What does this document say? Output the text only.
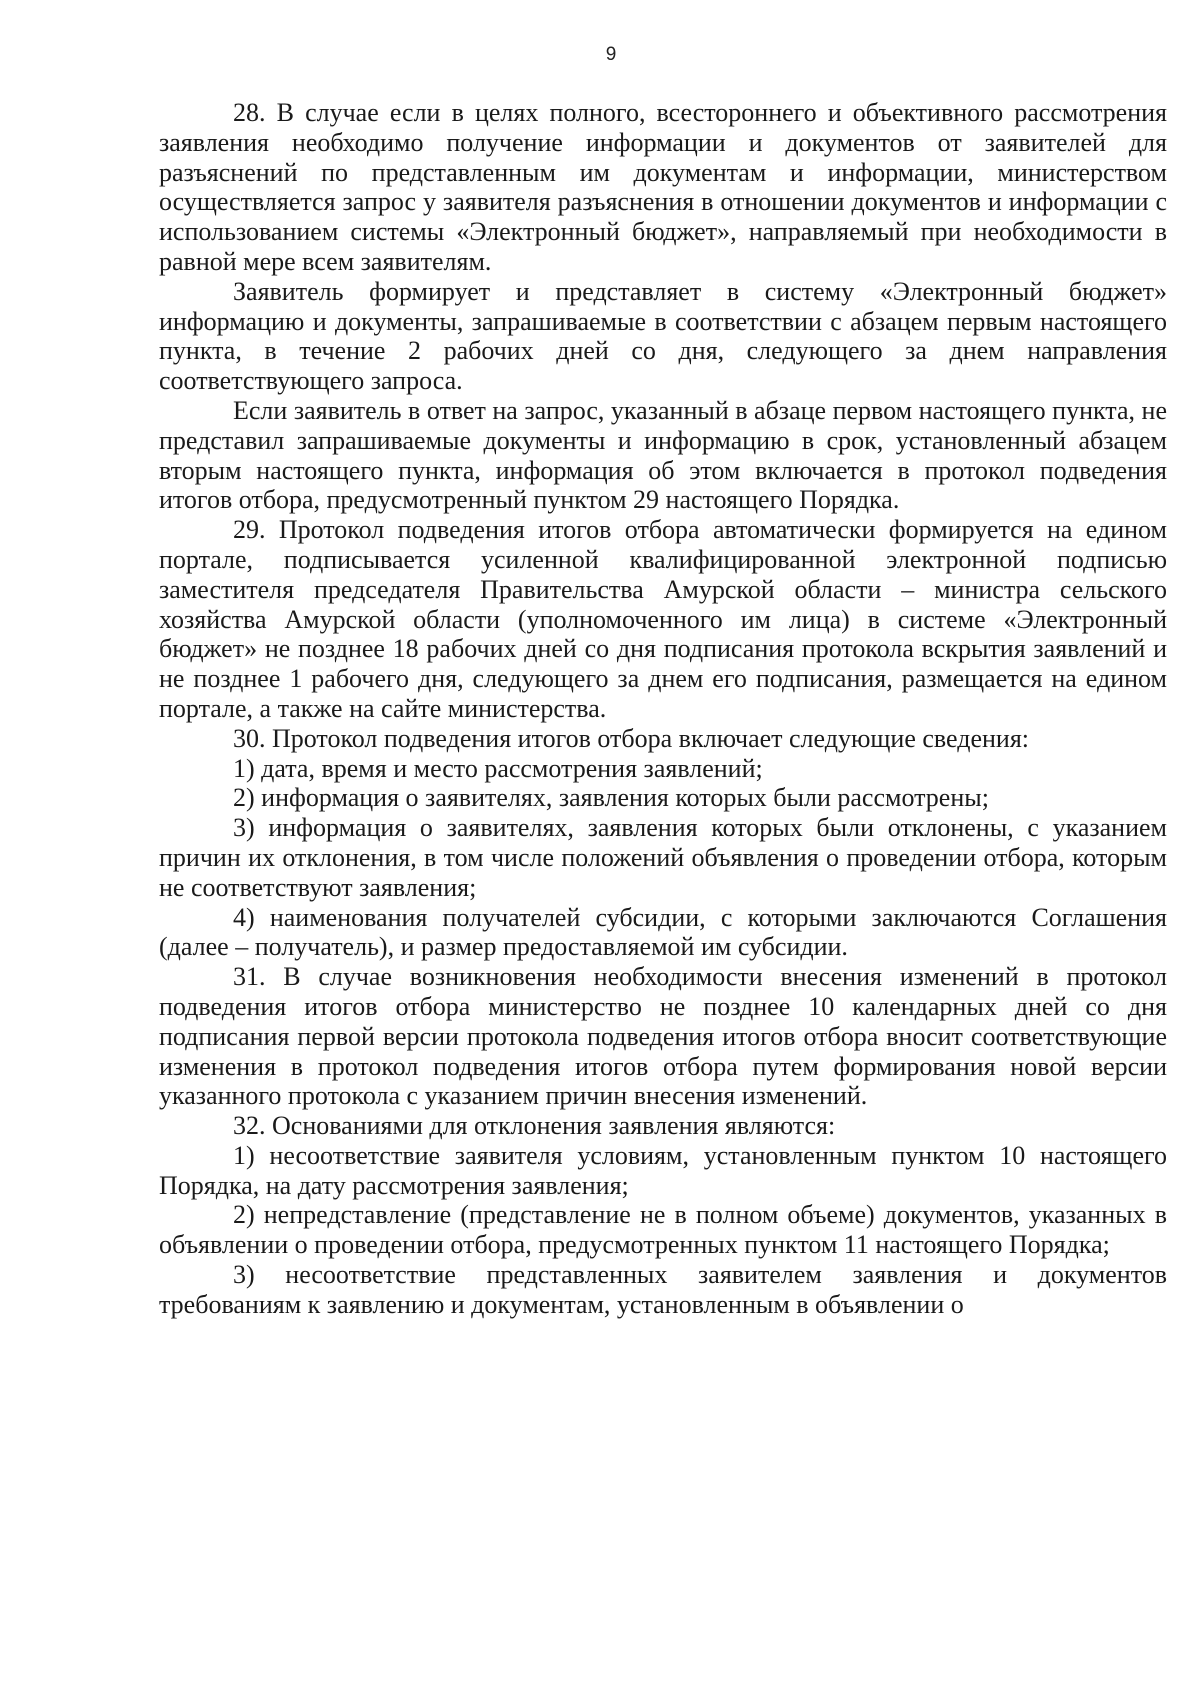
9

28. В случае если в целях полного, всестороннего и объективного рассмотрения заявления необходимо получение информации и документов от заявителей для разъяснений по представленным им документам и информации, министерством осуществляется запрос у заявителя разъяснения в отношении документов и информации с использованием системы «Электронный бюджет», направляемый при необходимости в равной мере всем заявителям.

Заявитель формирует и представляет в систему «Электронный бюджет» информацию и документы, запрашиваемые в соответствии с абзацем первым настоящего пункта, в течение 2 рабочих дней со дня, следующего за днем направления соответствующего запроса.

Если заявитель в ответ на запрос, указанный в абзаце первом настоящего пункта, не представил запрашиваемые документы и информацию в срок, установленный абзацем вторым настоящего пункта, информация об этом включается в протокол подведения итогов отбора, предусмотренный пунктом 29 настоящего Порядка.

29. Протокол подведения итогов отбора автоматически формируется на едином портале, подписывается усиленной квалифицированной электронной подписью заместителя председателя Правительства Амурской области – министра сельского хозяйства Амурской области (уполномоченного им лица) в системе «Электронный бюджет» не позднее 18 рабочих дней со дня подписания протокола вскрытия заявлений и не позднее 1 рабочего дня, следующего за днем его подписания, размещается на едином портале, а также на сайте министерства.

30. Протокол подведения итогов отбора включает следующие сведения:

1) дата, время и место рассмотрения заявлений;

2) информация о заявителях, заявления которых были рассмотрены;

3) информация о заявителях, заявления которых были отклонены, с указанием причин их отклонения, в том числе положений объявления о проведении отбора, которым не соответствуют заявления;

4) наименования получателей субсидии, с которыми заключаются Соглашения (далее – получатель), и размер предоставляемой им субсидии.

31. В случае возникновения необходимости внесения изменений в протокол подведения итогов отбора министерство не позднее 10 календарных дней со дня подписания первой версии протокола подведения итогов отбора вносит соответствующие изменения в протокол подведения итогов отбора путем формирования новой версии указанного протокола с указанием причин внесения изменений.

32. Основаниями для отклонения заявления являются:

1) несоответствие заявителя условиям, установленным пунктом 10 настоящего Порядка, на дату рассмотрения заявления;

2) непредставление (представление не в полном объеме) документов, указанных в объявлении о проведении отбора, предусмотренных пунктом 11 настоящего Порядка;

3) несоответствие представленных заявителем заявления и документов требованиям к заявлению и документам, установленным в объявлении о
